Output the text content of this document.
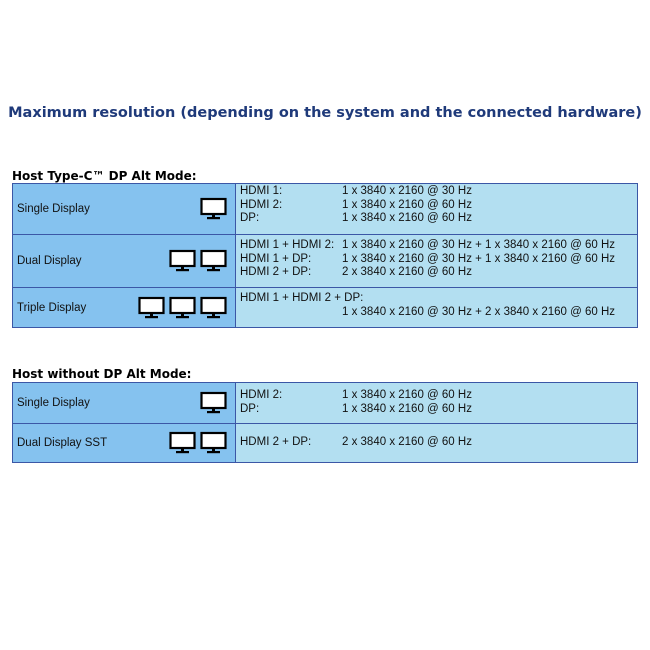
Maximum resolution (depending on the system and the connected hardware)
Host Type-C™ DP Alt Mode:
Single Display
HDMI 1:	1 x 3840 x 2160 @ 30 Hz
HDMI 2:	1 x 3840 x 2160 @ 60 Hz
DP:	1 x 3840 x 2160 @ 60 Hz
Dual Display
HDMI 1 + HDMI 2: 1 x 3840 x 2160 @ 30 Hz + 1 x 3840 x 2160 @ 60 Hz
HDMI 1 + DP:	1 x 3840 x 2160 @ 30 Hz + 1 x 3840 x 2160 @ 60 Hz
HDMI 2 + DP:	2 x 3840 x 2160 @ 60 Hz
Triple Display
HDMI 1 + HDMI 2 + DP:
1 x 3840 x 2160 @ 30 Hz + 2 x 3840 x 2160 @ 60 Hz
Host without DP Alt Mode:
Single Display
HDMI 2:	1 x 3840 x 2160 @ 60 Hz
DP:	1 x 3840 x 2160 @ 60 Hz
Dual Display SST	HDMI 2 + DP:	2 x 3840 x 2160 @ 60 Hz
